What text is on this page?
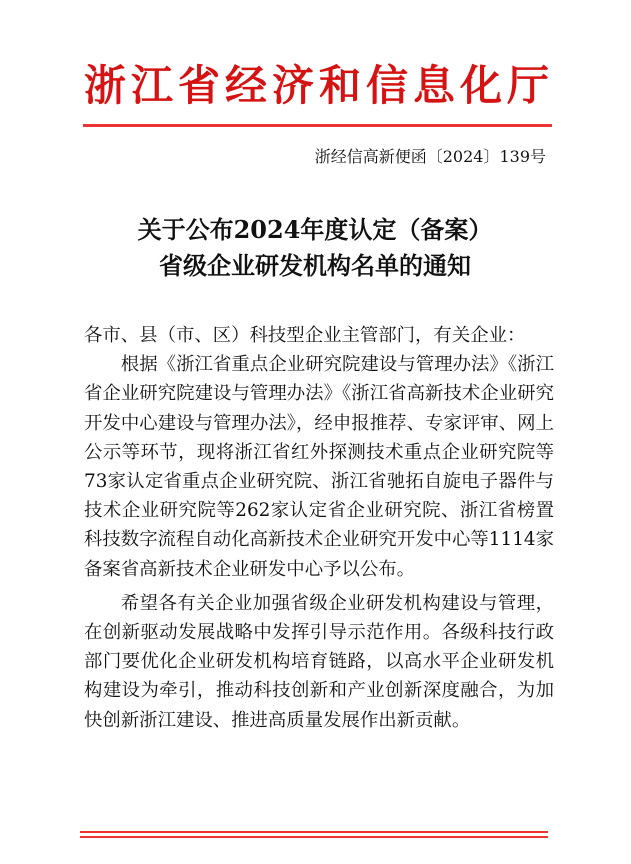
浙江省经济和信息化厅
浙经信高新便函〔2024〕139号
关于公布2024年度认定（备案）
省级企业研发机构名单的通知

各市、县（市、区）科技型企业主管部门，有关企业：

根据《浙江省重点企业研究院建设与管理办法》《浙江省企业研究院建设与管理办法》《浙江省高新技术企业研究开发中心建设与管理办法》，经申报推荐、专家评审、网上公示等环节，现将浙江省红外探测技术重点企业研究院等73家认定省重点企业研究院、浙江省驰拓自旋电子器件与技术企业研究院等262家认定省企业研究院、浙江省榜置科技数字流程自动化高新技术企业研究开发中心等1114家备案省高新技术企业研发中心予以公布。

希望各有关企业加强省级企业研发机构建设与管理，在创新驱动发展战略中发挥引导示范作用。各级科技行政部门要优化企业研发机构培育链路，以高水平企业研发机构建设为牵引，推动科技创新和产业创新深度融合，为加快创新浙江建设、推进高质量发展作出新贡献。
